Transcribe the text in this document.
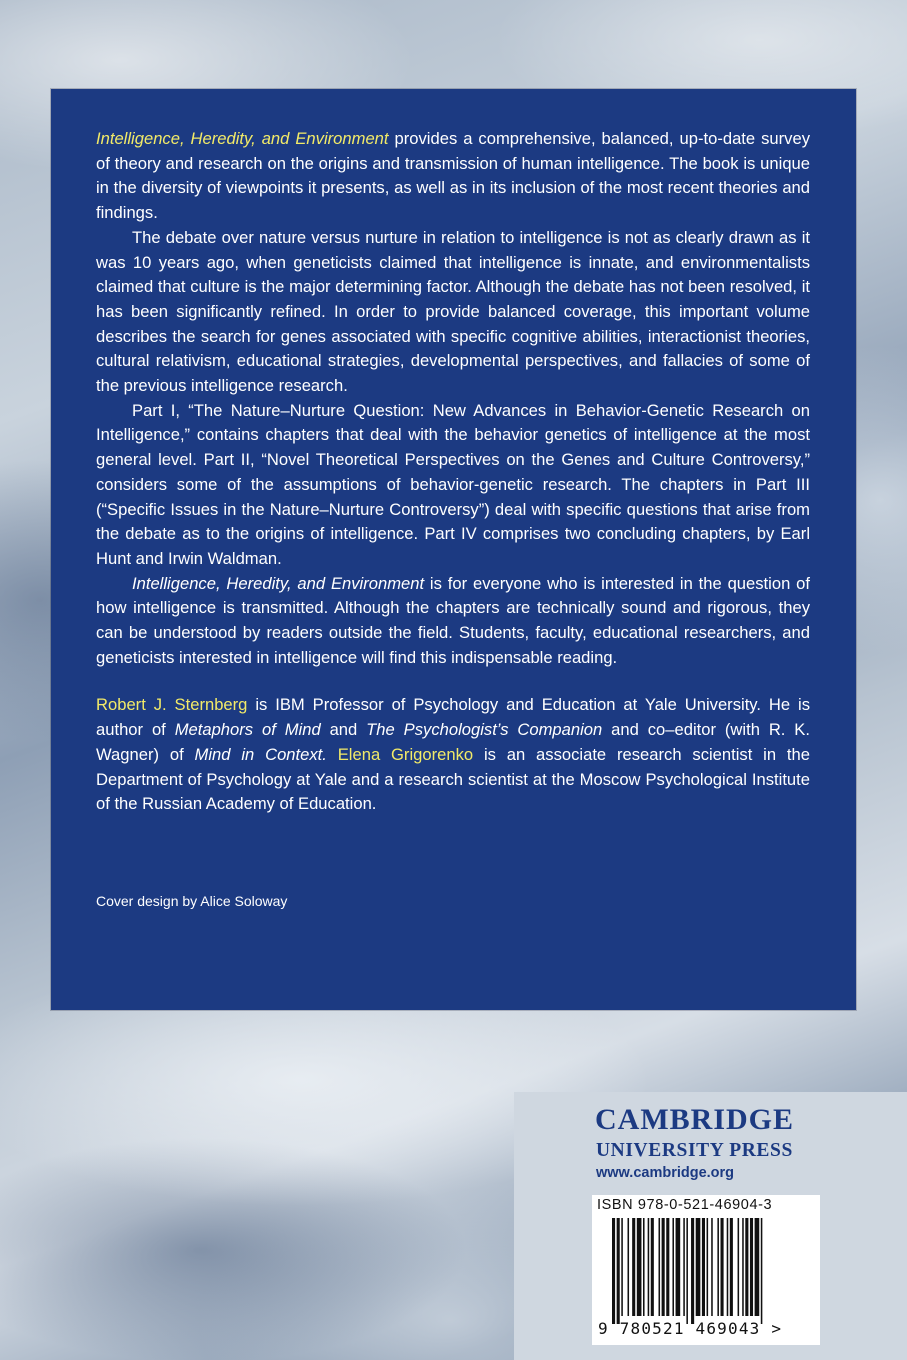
Intelligence, Heredity, and Environment provides a comprehensive, balanced, up-to-date survey of theory and research on the origins and transmission of human intelligence. The book is unique in the diversity of viewpoints it presents, as well as in its inclusion of the most recent theories and findings.

The debate over nature versus nurture in relation to intelligence is not as clearly drawn as it was 10 years ago, when geneticists claimed that intelligence is innate, and environmentalists claimed that culture is the major determining factor. Although the debate has not been resolved, it has been significantly refined. In order to provide balanced coverage, this important volume describes the search for genes associated with specific cognitive abilities, interactionist theories, cultural relativism, educational strategies, developmental perspectives, and fallacies of some of the previous intelligence research.

Part I, “The Nature–Nurture Question: New Advances in Behavior-Genetic Research on Intelligence,” contains chapters that deal with the behavior genetics of intelligence at the most general level. Part II, “Novel Theoretical Perspectives on the Genes and Culture Controversy,” considers some of the assumptions of behavior-genetic research. The chapters in Part III (“Specific Issues in the Nature–Nurture Controversy”) deal with specific questions that arise from the debate as to the origins of intelligence. Part IV comprises two concluding chapters, by Earl Hunt and Irwin Waldman.

Intelligence, Heredity, and Environment is for everyone who is interested in the question of how intelligence is transmitted. Although the chapters are technically sound and rigorous, they can be understood by readers outside the field. Students, faculty, educational researchers, and geneticists interested in intelligence will find this indispensable reading.

Robert J. Sternberg is IBM Professor of Psychology and Education at Yale University. He is author of Metaphors of Mind and The Psychologist’s Companion and co–editor (with R. K. Wagner) of Mind in Context. Elena Grigorenko is an associate research scientist in the Department of Psychology at Yale and a research scientist at the Moscow Psychological Institute of the Russian Academy of Education.

Cover design by Alice Soloway
CAMBRIDGE
UNIVERSITY PRESS
www.cambridge.org
ISBN 978-0-521-46904-3
9 780521 469043 >
